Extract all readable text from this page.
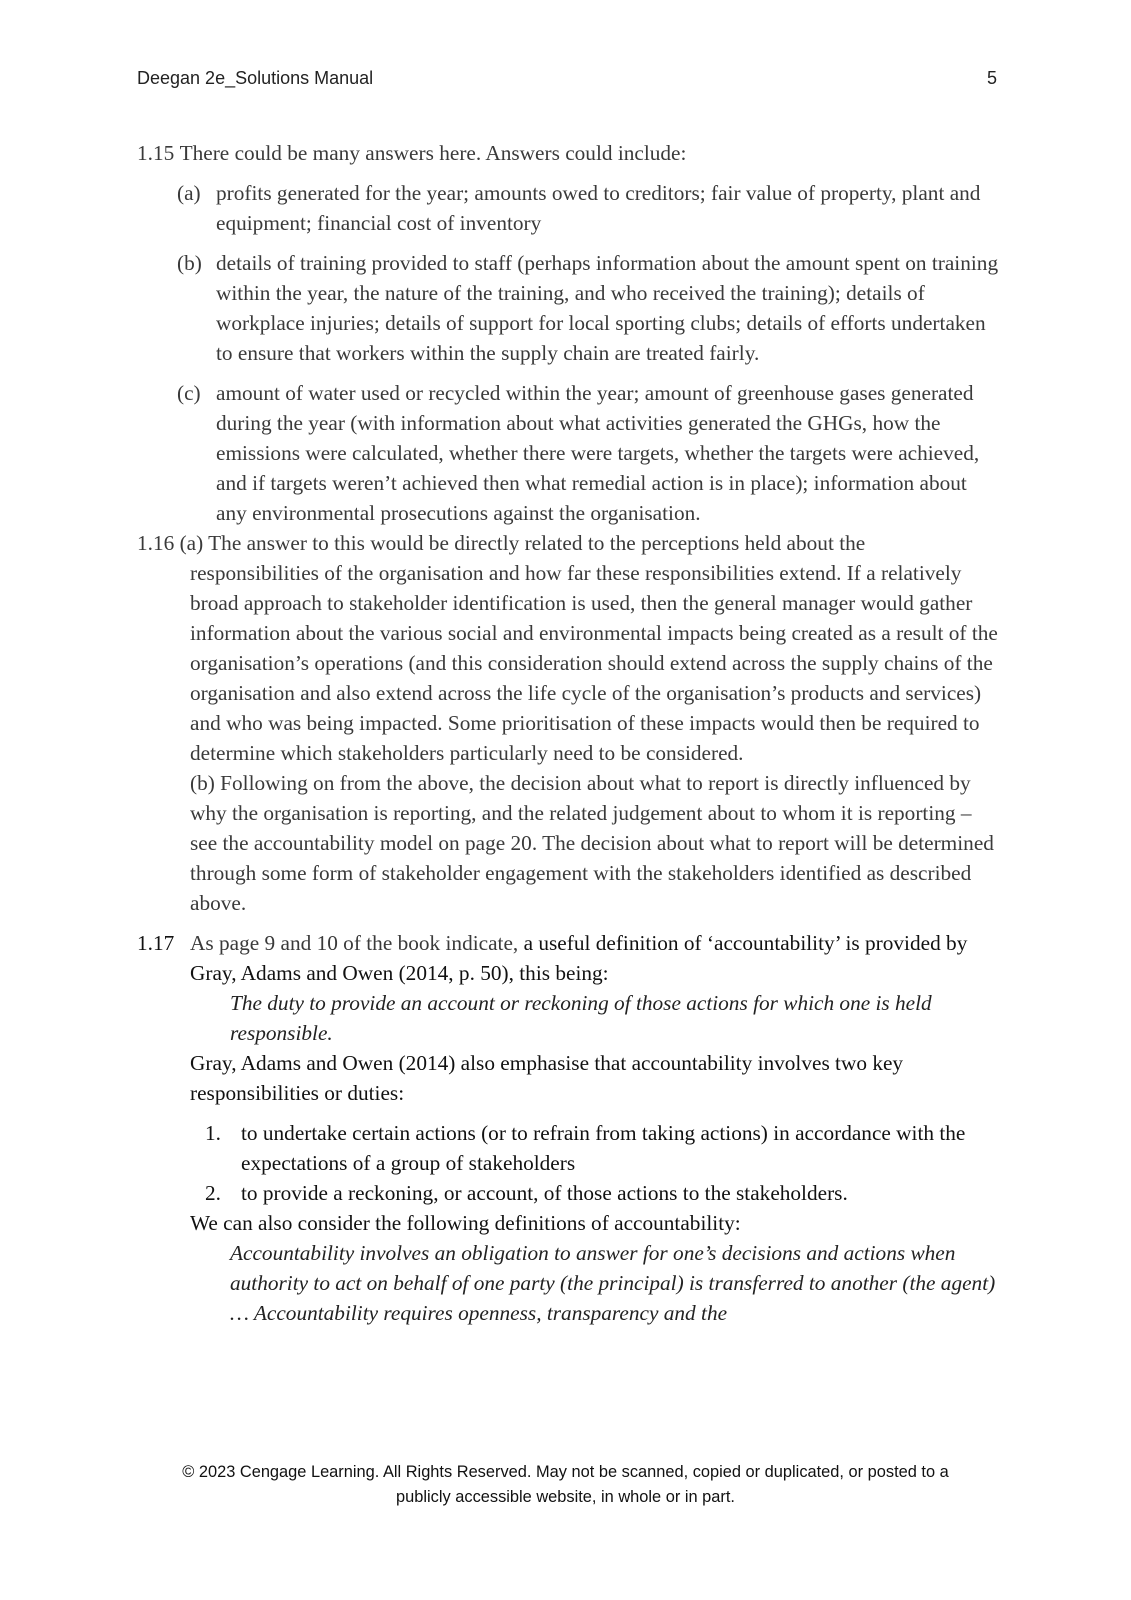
Deegan 2e_Solutions Manual	5
1.15
There could be many answers here. Answers could include:
(a) profits generated for the year; amounts owed to creditors; fair value of property, plant and equipment; financial cost of inventory
(b) details of training provided to staff (perhaps information about the amount spent on training within the year, the nature of the training, and who received the training); details of workplace injuries; details of support for local sporting clubs; details of efforts undertaken to ensure that workers within the supply chain are treated fairly.
(c) amount of water used or recycled within the year; amount of greenhouse gases generated during the year (with information about what activities generated the GHGs, how the emissions were calculated, whether there were targets, whether the targets were achieved, and if targets weren’t achieved then what remedial action is in place); information about any environmental prosecutions against the organisation.

1.16 (a) The answer to this would be directly related to the perceptions held about the responsibilities of the organisation and how far these responsibilities extend. If a relatively broad approach to stakeholder identification is used, then the general manager would gather information about the various social and environmental impacts being created as a result of the organisation’s operations (and this consideration should extend across the supply chains of the organisation and also extend across the life cycle of the organisation’s products and services) and who was being impacted. Some prioritisation of these impacts would then be required to determine which stakeholders particularly need to be considered.

(b) Following on from the above, the decision about what to report is directly influenced by why the organisation is reporting, and the related judgement about to whom it is reporting – see the accountability model on page 20. The decision about what to report will be determined through some form of stakeholder engagement with the stakeholders identified as described above.

1.17 As page 9 and 10 of the book indicate, a useful definition of ‘accountability’ is provided by Gray, Adams and Owen (2014, p. 50), this being:

The duty to provide an account or reckoning of those actions for which one is held responsible.

Gray, Adams and Owen (2014) also emphasise that accountability involves two key responsibilities or duties:

1. to undertake certain actions (or to refrain from taking actions) in accordance with the expectations of a group of stakeholders
2. to provide a reckoning, or account, of those actions to the stakeholders.

We can also consider the following definitions of accountability:

Accountability involves an obligation to answer for one’s decisions and actions when authority to act on behalf of one party (the principal) is transferred to another (the agent) … Accountability requires openness, transparency and the

© 2023 Cengage Learning. All Rights Reserved. May not be scanned, copied or duplicated, or posted to a
publicly accessible website, in whole or in part.
